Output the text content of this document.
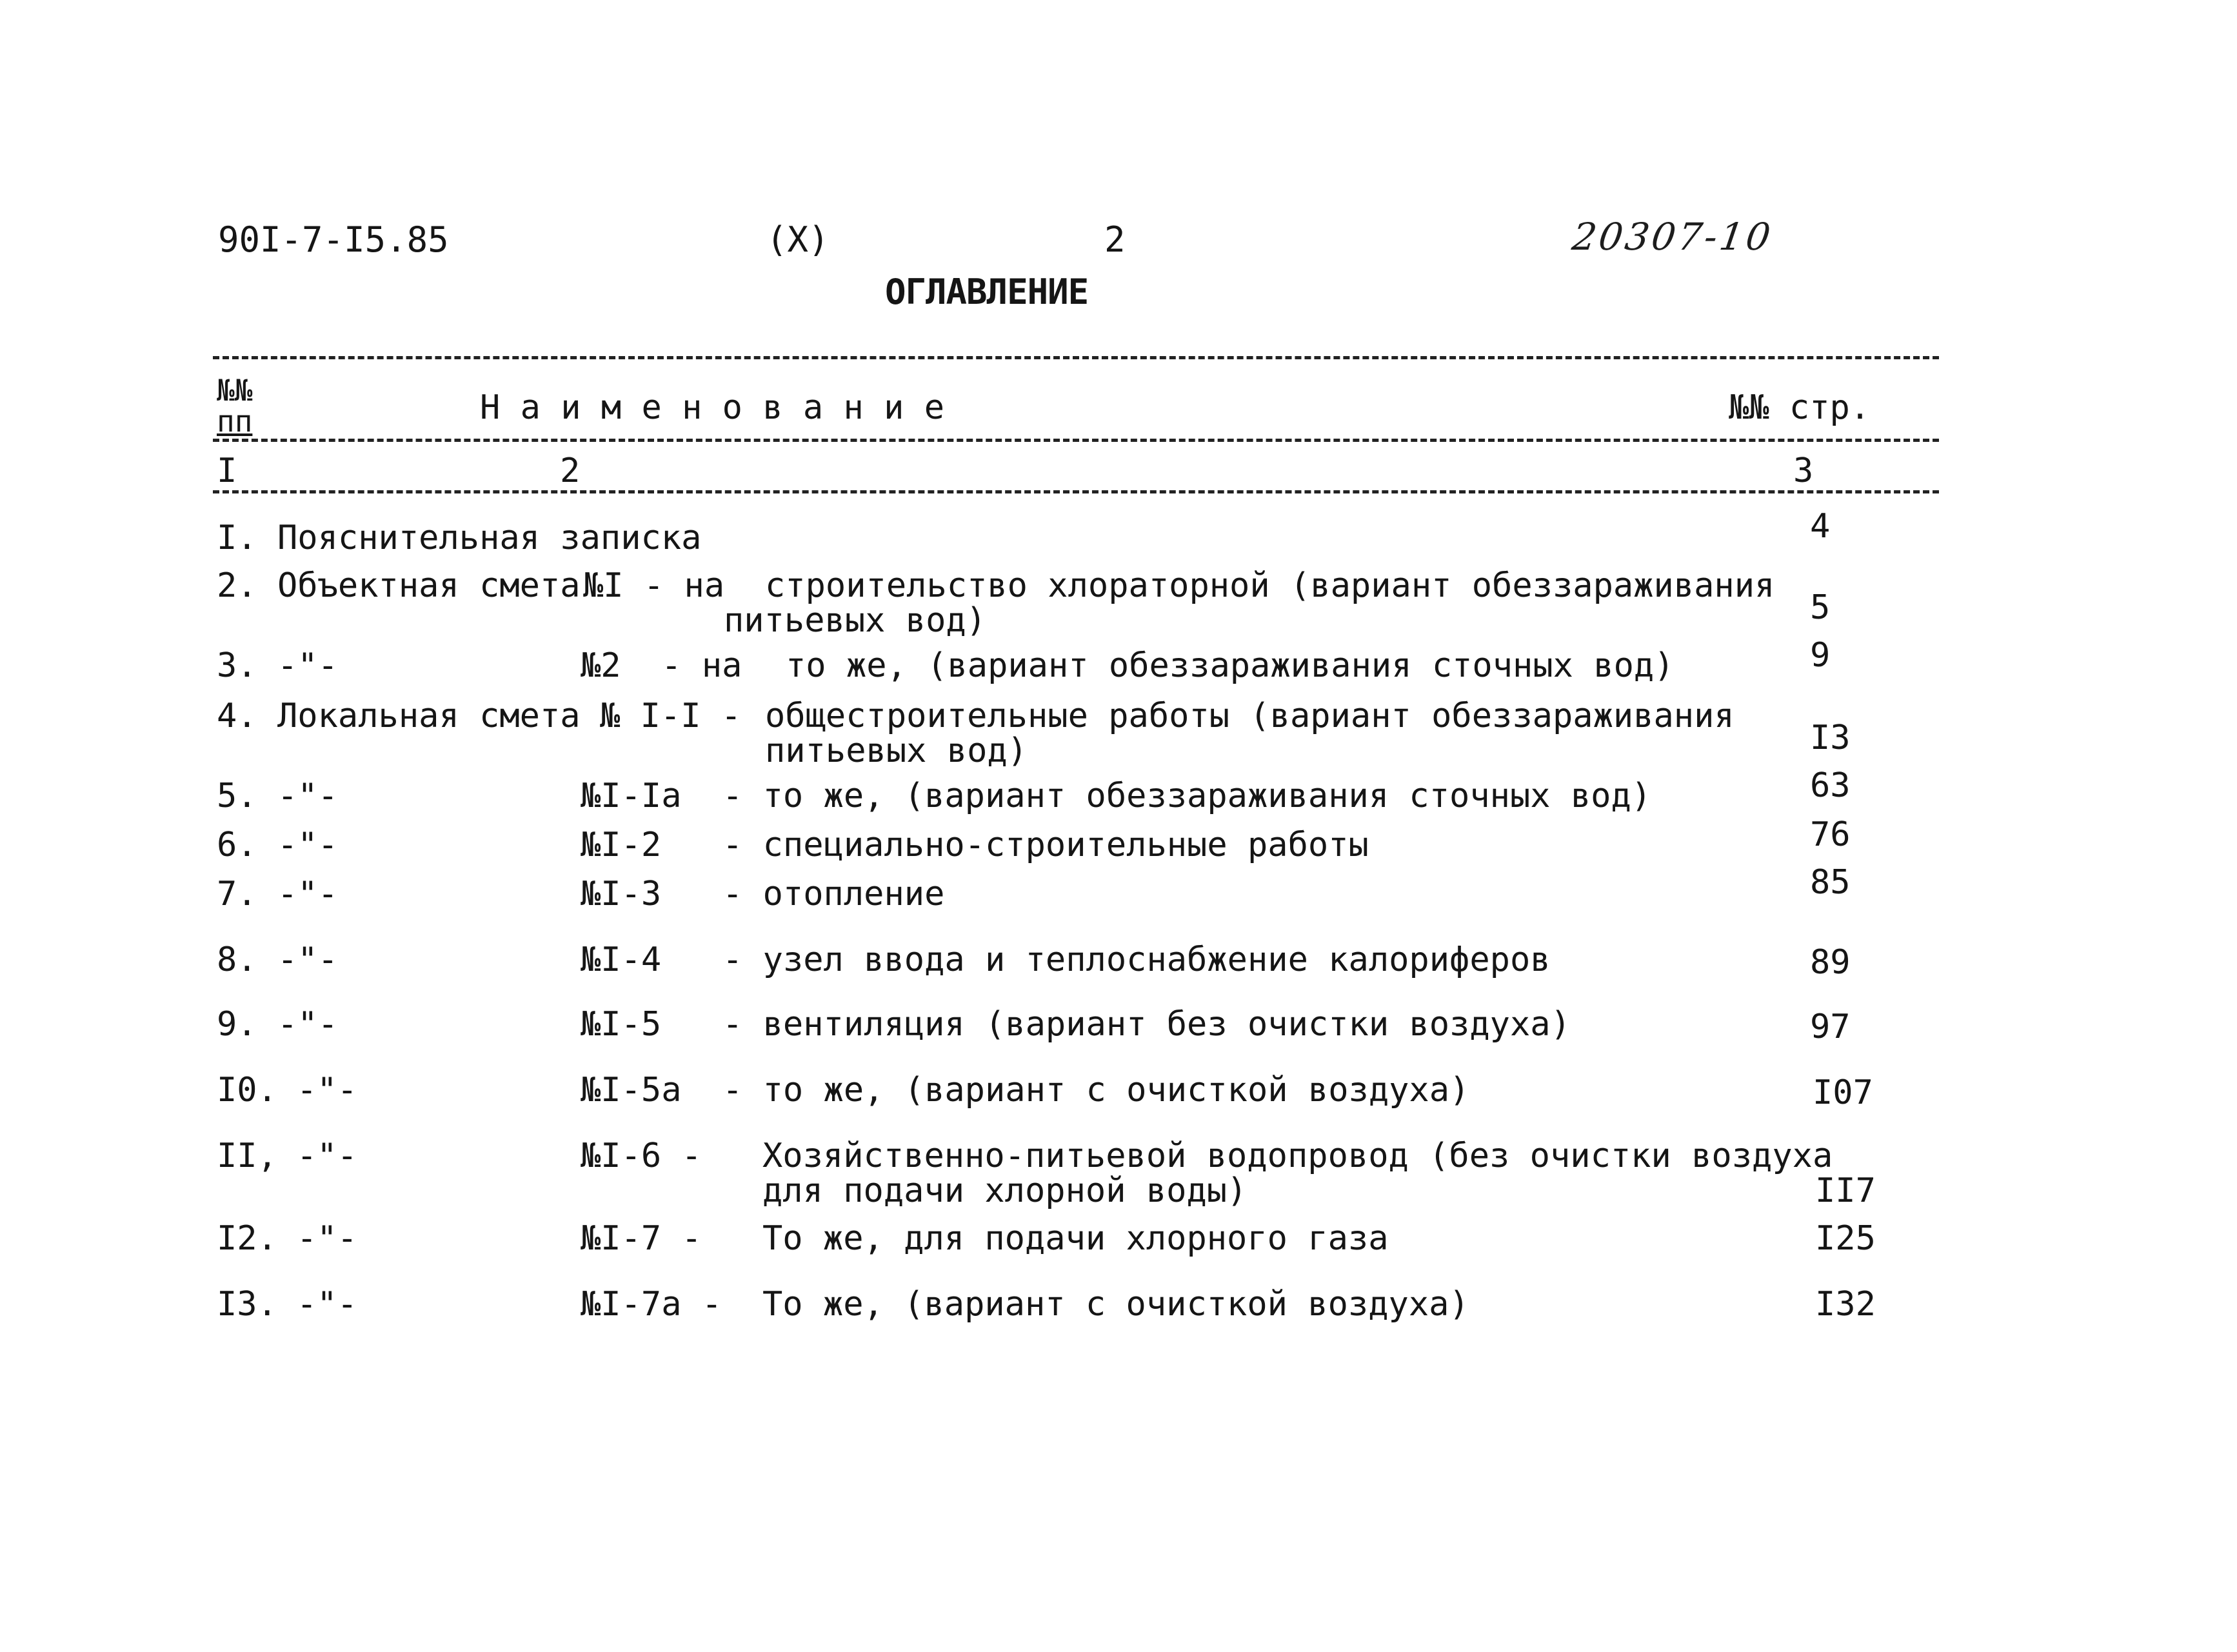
90I-7-I5.85	(X)	2	20307-10
ОГЛАВЛЕНИЕ
№№
пп	Н а и м е н о в а н и е	№№ стр.
I	2	3
I. Пояснительная записка	4
2. Объектная смета №I - на строительство хлораторной (вариант обеззараживания
питьевых вод)	5
3. -"-	№2  - на то же, (вариант обеззараживания сточных вод)	9
4. Локальная смета № I-I - общестроительные работы (вариант обеззараживания
питьевых вод)	I3
5. -"-	№I-Iа - то же, (вариант обеззараживания сточных вод)	63
6. -"-	№I-2 - специально-строительные работы	76
7. -"-	№I-3 - отопление	85
8. -"-	№I-4 - узел ввода и теплоснабжение калориферов	89
9. -"-	№I-5 - вентиляция (вариант без очистки воздуха)	97
I0. -"-	№I-5а - то же, (вариант с очисткой воздуха)	I07
II, -"-	№I-6 - Хозяйственно-питьевой водопровод (без очистки воздуха
для подачи хлорной воды)	II7
I2. -"-	№I-7 - То же, для подачи хлорного газа	I25
I3. -"-	№I-7а - То же, (вариант с очисткой воздуха)	I32
